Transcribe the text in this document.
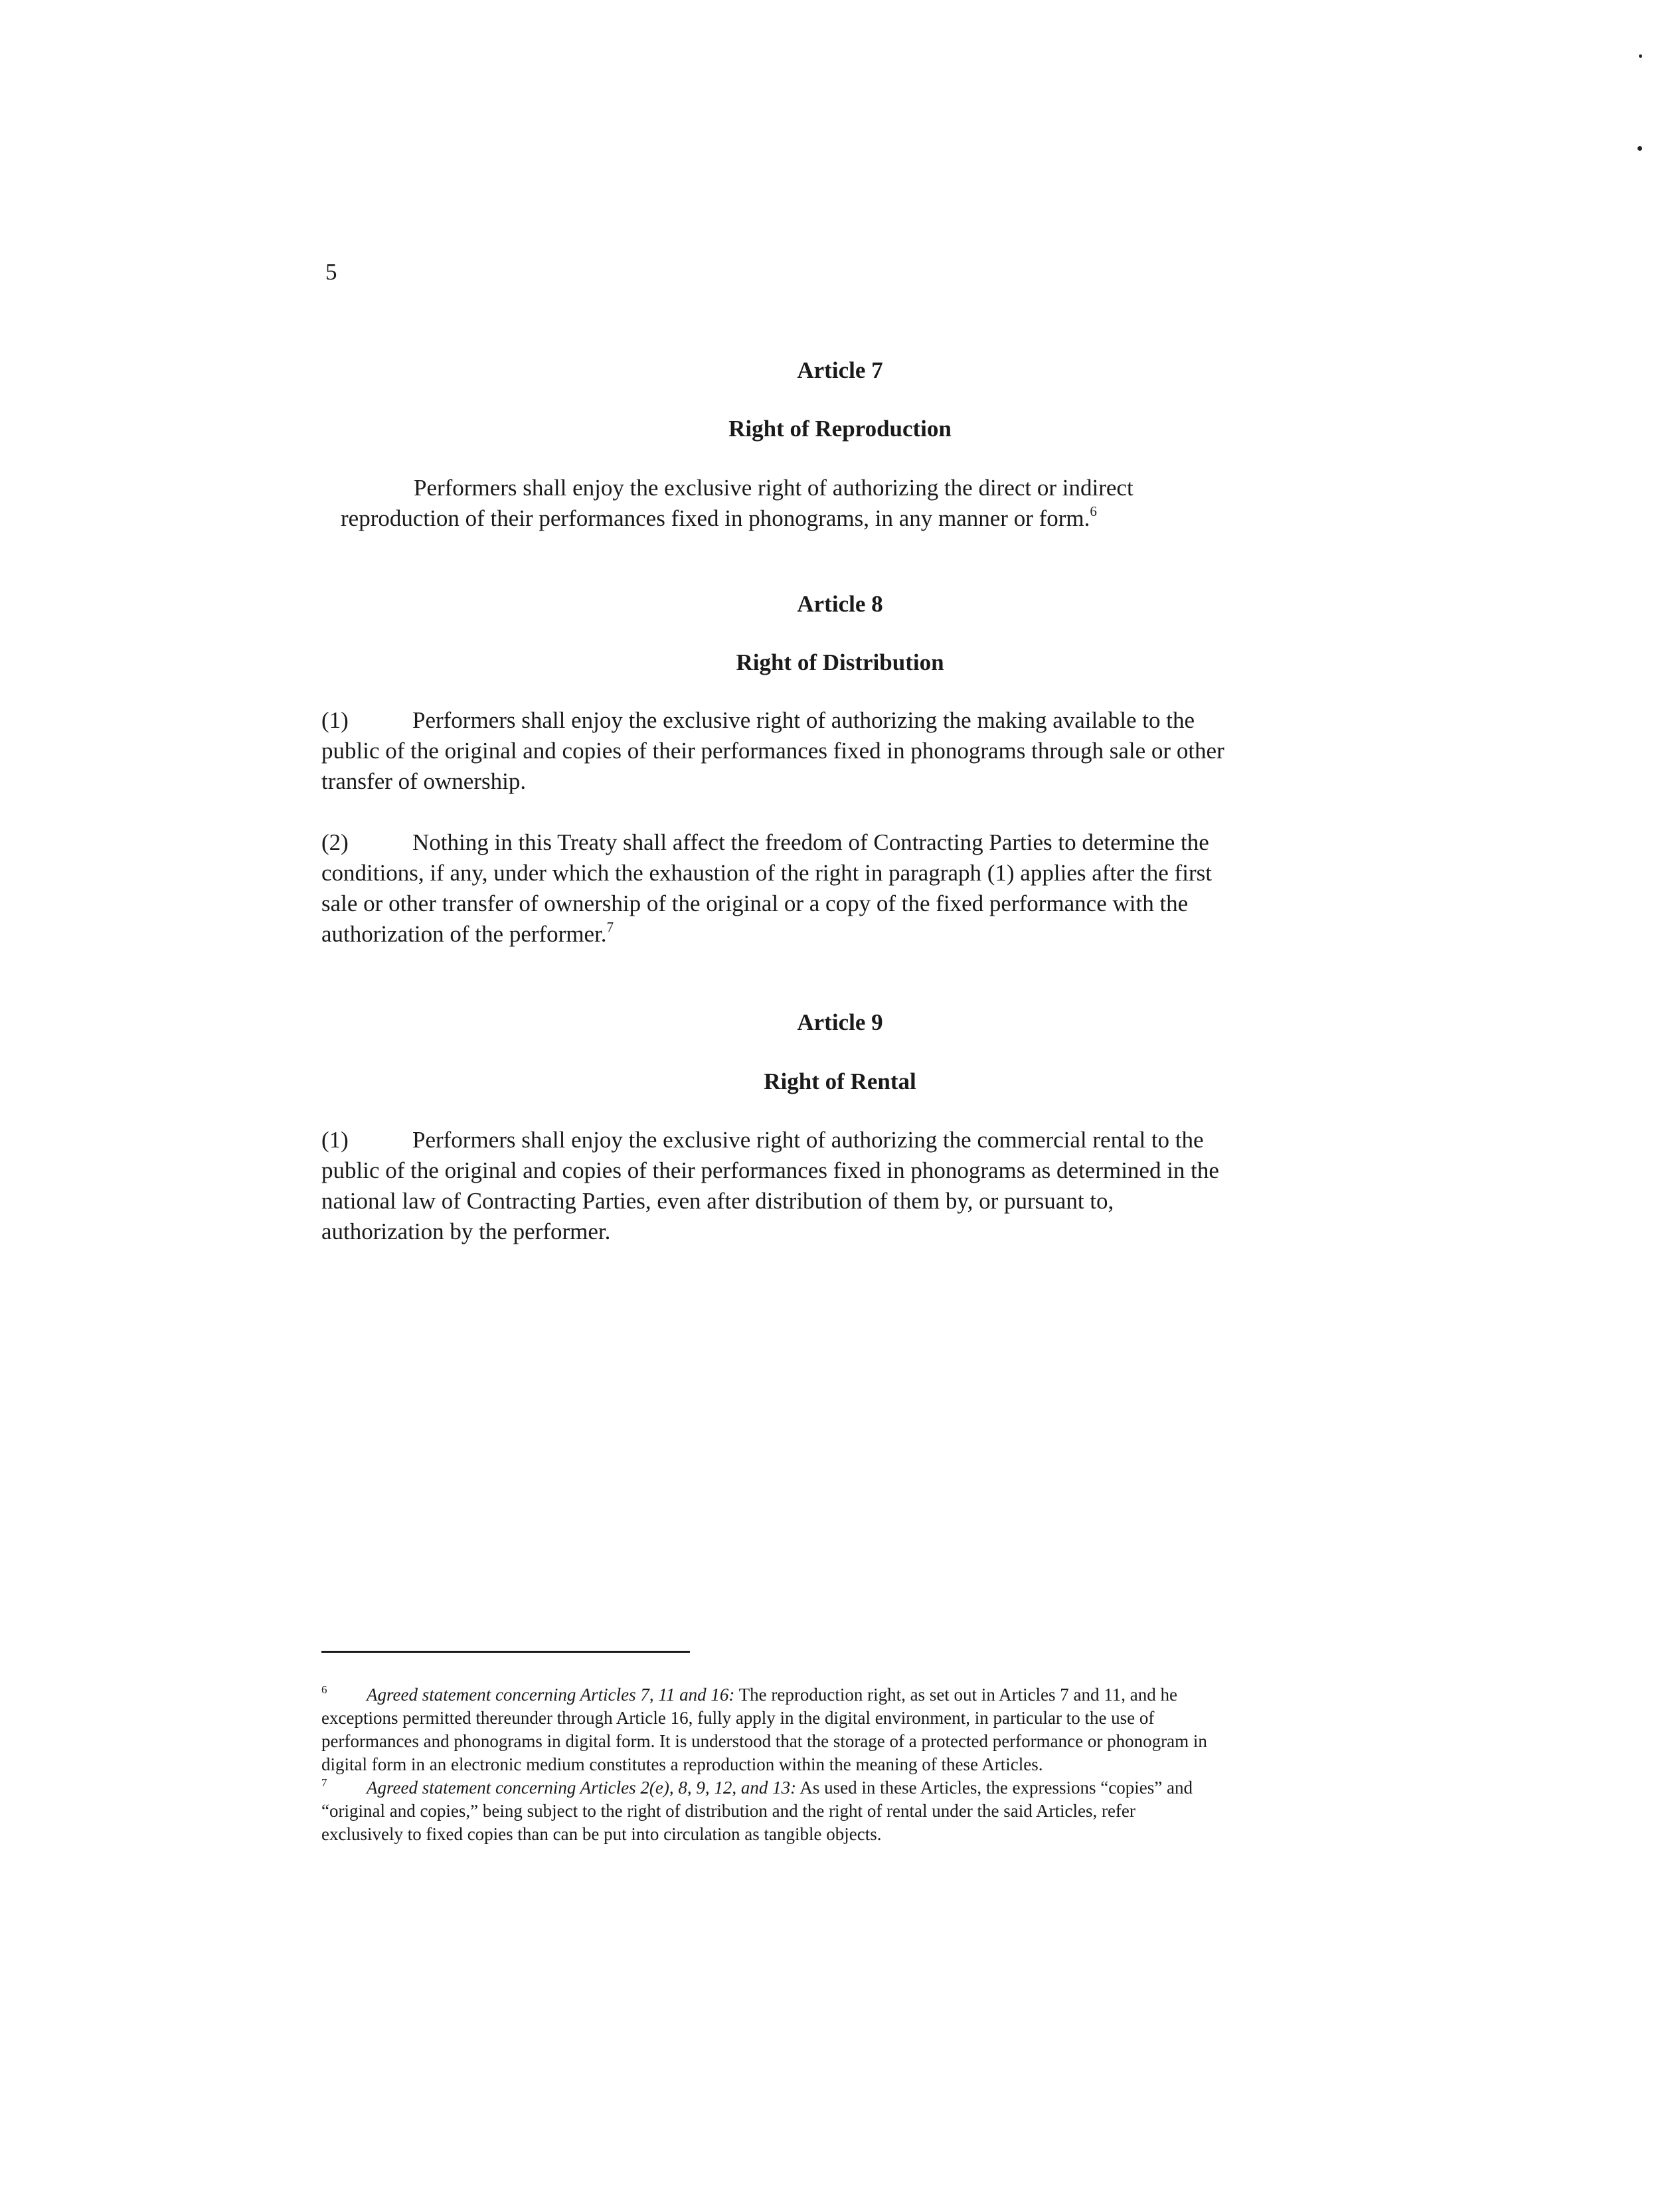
5
Article 7
Right of Reproduction
Performers shall enjoy the exclusive right of authorizing the direct or indirect
reproduction of their performances fixed in phonograms, in any manner or form.$^6$
Article 8
Right of Distribution
(1)	Performers shall enjoy the exclusive right of authorizing the making available to the
public of the original and copies of their performances fixed in phonograms through sale or other
transfer of ownership.
(2)	Nothing in this Treaty shall affect the freedom of Contracting Parties to determine the
conditions, if any, under which the exhaustion of the right in paragraph (1) applies after the first
sale or other transfer of ownership of the original or a copy of the fixed performance with the
authorization of the performer.$^7$
Article 9
Right of Rental
(1)	Performers shall enjoy the exclusive right of authorizing the commercial rental to the
public of the original and copies of their performances fixed in phonograms as determined in the
national law of Contracting Parties, even after distribution of them by, or pursuant to,
authorization by the performer.
6 Agreed statement concerning Articles 7, 11 and 16: The reproduction right, as set out in Articles 7 and 11, and he
exceptions permitted thereunder through Article 16, fully apply in the digital environment, in particular to the use of
performances and phonograms in digital form. It is understood that the storage of a protected performance or phonogram in
digital form in an electronic medium constitutes a reproduction within the meaning of these Articles.
7 Agreed statement concerning Articles 2(e), 8, 9, 12, and 13: As used in these Articles, the expressions “copies” and
“original and copies,” being subject to the right of distribution and the right of rental under the said Articles, refer
exclusively to fixed copies than can be put into circulation as tangible objects.
